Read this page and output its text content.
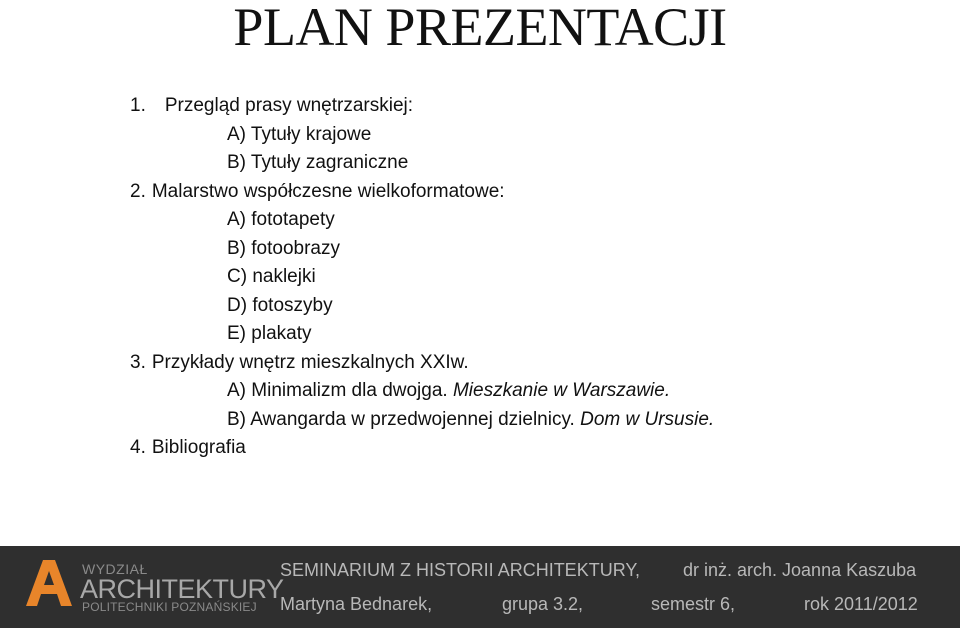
PLAN PREZENTACJI
1. Przegląd prasy wnętrzarskiej:
A) Tytuły krajowe
B) Tytuły zagraniczne
2. Malarstwo współczesne wielkoformatowe:
A) fototapety
B) fotoobrazy
C) naklejki
D) fotoszyby
E) plakaty
3. Przykłady wnętrz mieszkalnych XXIw.
A) Minimalizm dla dwojga. Mieszkanie w Warszawie.
B) Awangarda w przedwojennej dzielnicy. Dom w Ursusie.
4. Bibliografia
WYDZIAŁ
ARCHITEKTURY
POLITECHNIKI POZNAŃSKIEJ
SEMINARIUM Z HISTORII ARCHITEKTURY, dr inż. arch. Joanna Kaszuba
Martyna Bednarek,	grupa 3.2,	semestr 6,	rok 2011/2012
